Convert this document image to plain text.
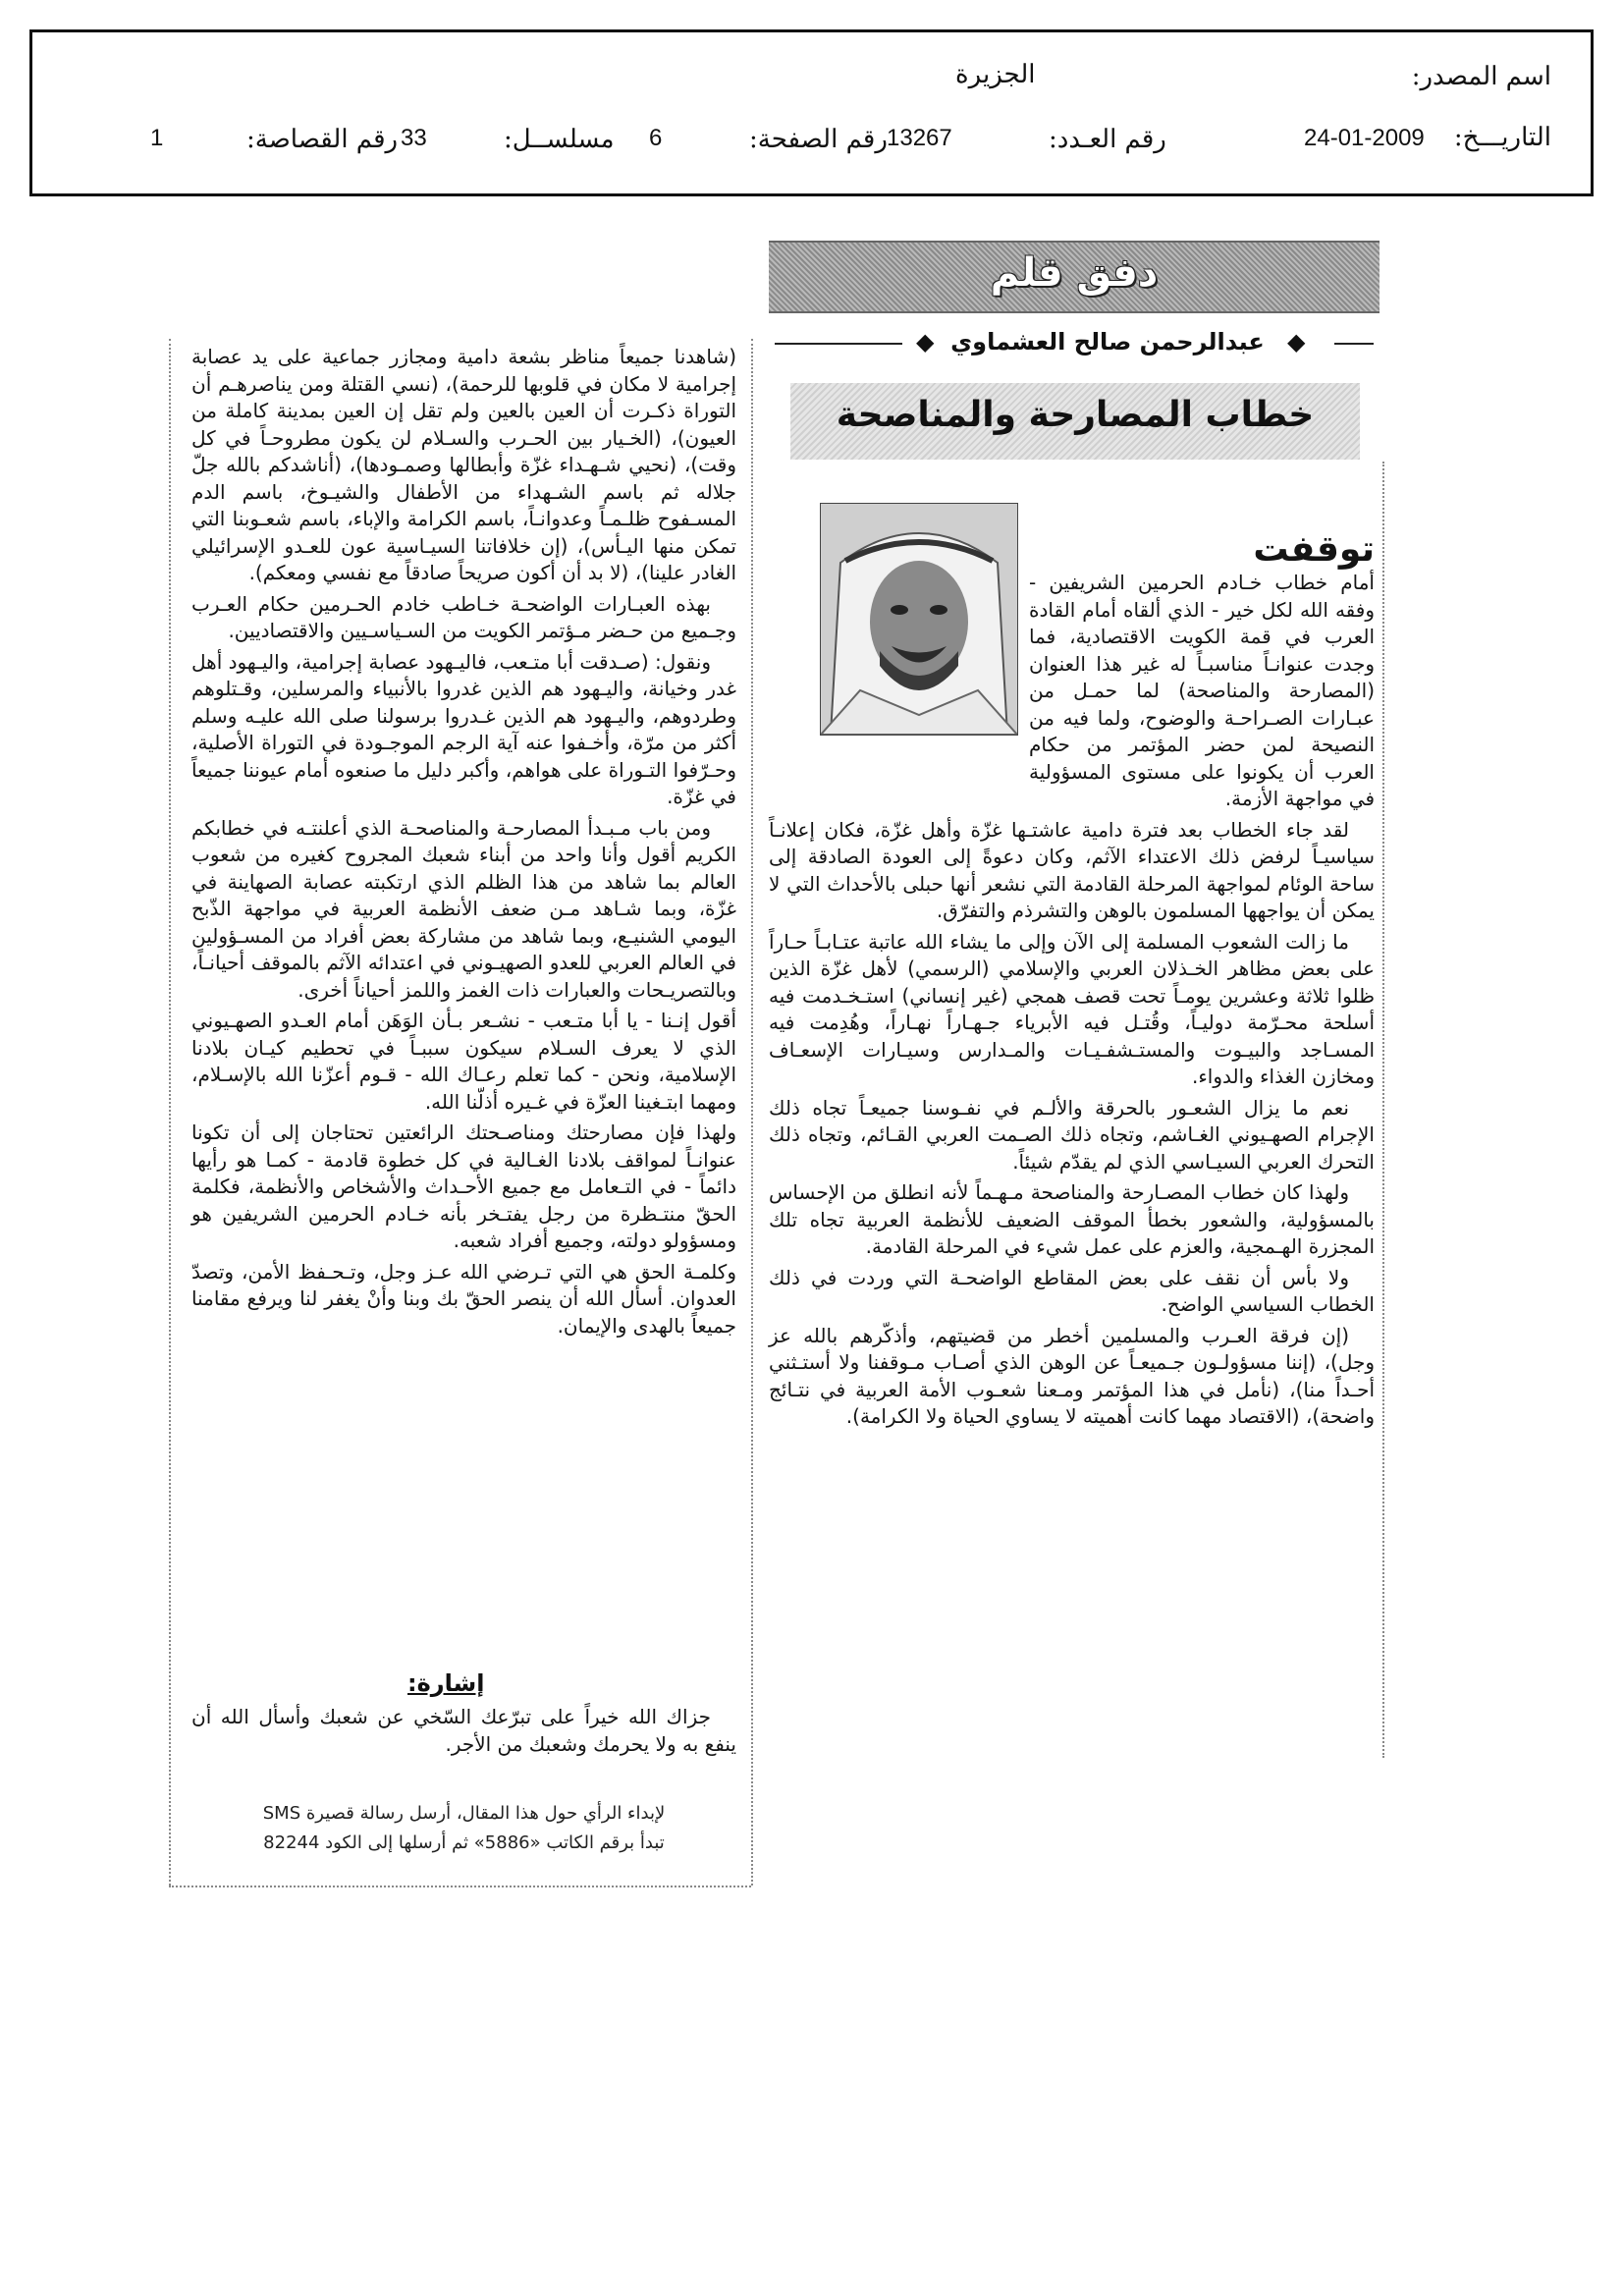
اسم المصدر:
الجزيرة
التاريـــخ:
24-01-2009
رقم العـدد:
13267
رقم الصفحة:
6
مسلســل:
33
رقم القصاصة:
1
دفق قلم
◆ عبدالرحمن صالح العشماوي ◆
خطاب المصارحة والمناصحة

توقفت

أمام خطاب خـادم الحرمين الشريفين - وفقه الله لكل خير - الذي ألقاه أمام القادة العرب في قمة الكويت الاقتصادية، فما وجدت عنوانـاً مناسبـاً له غير هذا العنوان (المصارحة والمناصحة) لما حمـل من عبـارات الصـراحـة والوضوح، ولما فيه من النصيحة لمن حضر المؤتمر من حكام العرب أن يكونوا على مستوى المسؤولية في مواجهة الأزمة.

لقد جاء الخطاب بعد فترة دامية عاشتـها غزّة وأهل غزّة، فكان إعلانـاً سياسيـاً لرفض ذلك الاعتداء الآثم، وكان دعوةً إلى العودة الصادقة إلى ساحة الوئام لمواجهة المرحلة القادمة التي نشعر أنها حبلى بالأحداث التي لا يمكن أن يواجهها المسلمون بالوهن والتشرذم والتفرّق.

ما زالت الشعوب المسلمة إلى الآن وإلى ما يشاء الله عاتبة عتـابـاً حـاراً على بعض مظاهر الخـذلان العربي والإسلامي (الرسمي) لأهل غزّة الذين ظلوا ثلاثة وعشرين يومـاً تحت قصف همجي (غير إنساني) استـخـدمت فيه أسلحة محـرّمة دوليـاً، وقُتـل فيه الأبرياء جـهـاراً نهـاراً، وهُدِمت فيه المسـاجد والبيـوت والمستـشفـيـات والمـدارس وسيـارات الإسعـاف ومخازن الغذاء والدواء.

نعم ما يزال الشعـور بالحرقة والألـم في نفـوسنا جميعـاً تجاه ذلك الإجرام الصهـيوني الغـاشم، وتجاه ذلك الصـمت العربي القـائم، وتجاه ذلك التحرك العربي السيـاسي الذي لم يقدّم شيئاً.

ولهذا كان خطاب المصـارحة والمناصحة مـهـماً لأنه انطلق من الإحساس بالمسؤولية، والشعور بخطأ الموقف الضعيف للأنظمة العربية تجاه تلك المجزرة الهـمجية، والعزم على عمل شيء في المرحلة القادمة.

ولا بأس أن نقف على بعض المقاطع الواضحـة التي وردت في ذلك الخطاب السياسي الواضح.

(إن فرقة العـرب والمسلمين أخطر من قضيتهم، وأذكّرهم بالله عز وجل)، (إننا مسؤولـون جـميعـاً عن الوهن الذي أصـاب مـوقفنا ولا أستـثني أحـداً منا)، (نأمل في هذا المؤتمر ومـعنا شعـوب الأمة العربية في نتـائج واضحة)، (الاقتصاد مهما كانت أهميته لا يساوي الحياة ولا الكرامة).

(شاهدنا جميعاً مناظر بشعة دامية ومجازر جماعية على يد عصابة إجرامية لا مكان في قلوبها للرحمة)، (نسي القتلة ومن يناصرهـم أن التوراة ذكـرت أن العين بالعين ولم تقل إن العين بمدينة كاملة من العيون)، (الخـيار بين الحـرب والسـلام لن يكون مطروحـاً في كل وقت)، (نحيي شـهـداء غزّة وأبطالها وصمـودها)، (أناشدكم بالله جلّ جلاله ثم باسم الشـهداء من الأطفال والشيـوخ، باسم الدم المسـفوح ظلـمـاً وعدوانـاً، باسم الكرامة والإباء، باسم شعـوبنا التي تمكن منها اليـأس)، (إن خلافاتنا السيـاسية عون للعـدو الإسرائيلي الغادر علينا)، (لا بد أن أكون صريحاً صادقاً مع نفسي ومعكم).

بهذه العبـارات الواضحـة خـاطب خادم الحـرمين حكام العـرب وجـميع من حـضر مـؤتمر الكويت من السـياسـيين والاقتصاديين.

ونقول: (صـدقت أبا متـعب، فاليـهود عصابة إجرامية، واليـهود أهل غدر وخيانة، واليـهود هم الذين غدروا بالأنبياء والمرسلين، وقـتلوهم وطردوهم، واليـهود هم الذين غـدروا برسولنا صلى الله عليـه وسلم أكثر من مرّة، وأخـفوا عنه آية الرجم الموجـودة في التوراة الأصلية، وحـرّفوا التـوراة على هواهم، وأكبر دليل ما صنعوه أمام عيوننا جميعاً في غزّة.

ومن باب مـبـدأ المصارحـة والمناصحـة الذي أعلنتـه في خطابكم الكريم أقول وأنا واحد من أبناء شعبك المجروح كغيره من شعوب العالم بما شاهد من هذا الظلم الذي ارتكبته عصابة الصهاينة في غزّة، وبما شـاهد مـن ضعف الأنظمة العربية في مواجهة الذّبح اليومي الشنيـع، وبما شاهد من مشاركة بعض أفراد من المسـؤولين في العالم العربي للعدو الصهيـوني في اعتدائه الآثم بالموقف أحيانـاً، وبالتصريـحات والعبارات ذات الغمز واللمز أحياناً أخرى.

أقول إنـنا - يا أبا متـعب - نشـعر بـأن الوَهَن أمام العـدو الصهـيوني الذي لا يعرف السـلام سيكون سببـاً في تحطيم كيـان بلادنا الإسلامية، ونحن - كما تعلم رعـاك الله - قـوم أعزّنا الله بالإسـلام، ومهما ابتـغينا العزّة في غـيره أذلّنا الله.

ولهذا فإن مصارحتك ومناصـحتك الرائعتين تحتاجان إلى أن تكونا عنوانـاً لمواقف بلادنا الغـالية في كل خطوة قادمة - كمـا هو رأيها دائماً - في التـعامل مع جميع الأحـداث والأشخاص والأنظمة، فكلمة الحقّ منتـظرة من رجل يفتـخر بأنه خـادم الحرمين الشريفين هو ومسؤولو دولته، وجميع أفراد شعبه.

وكلمـة الحق هي التي تـرضي الله عـز وجل، وتـحـفظ الأمن، وتصدّ العدوان. أسأل الله أن ينصر الحقّ بك وبنا وأنْ يغفر لنا ويرفع مقامنا جميعاً بالهدى والإيمان.

إشارة:

جزاك الله خيراً على تبرّعك السّخي عن شعبك وأسأل الله أن ينفع به ولا يحرمك وشعبك من الأجر.

لإبداء الرأي حول هذا المقال، أرسل رسالة قصيرة SMS
تبدأ برقم الكاتب «5886» ثم أرسلها إلى الكود 82244
